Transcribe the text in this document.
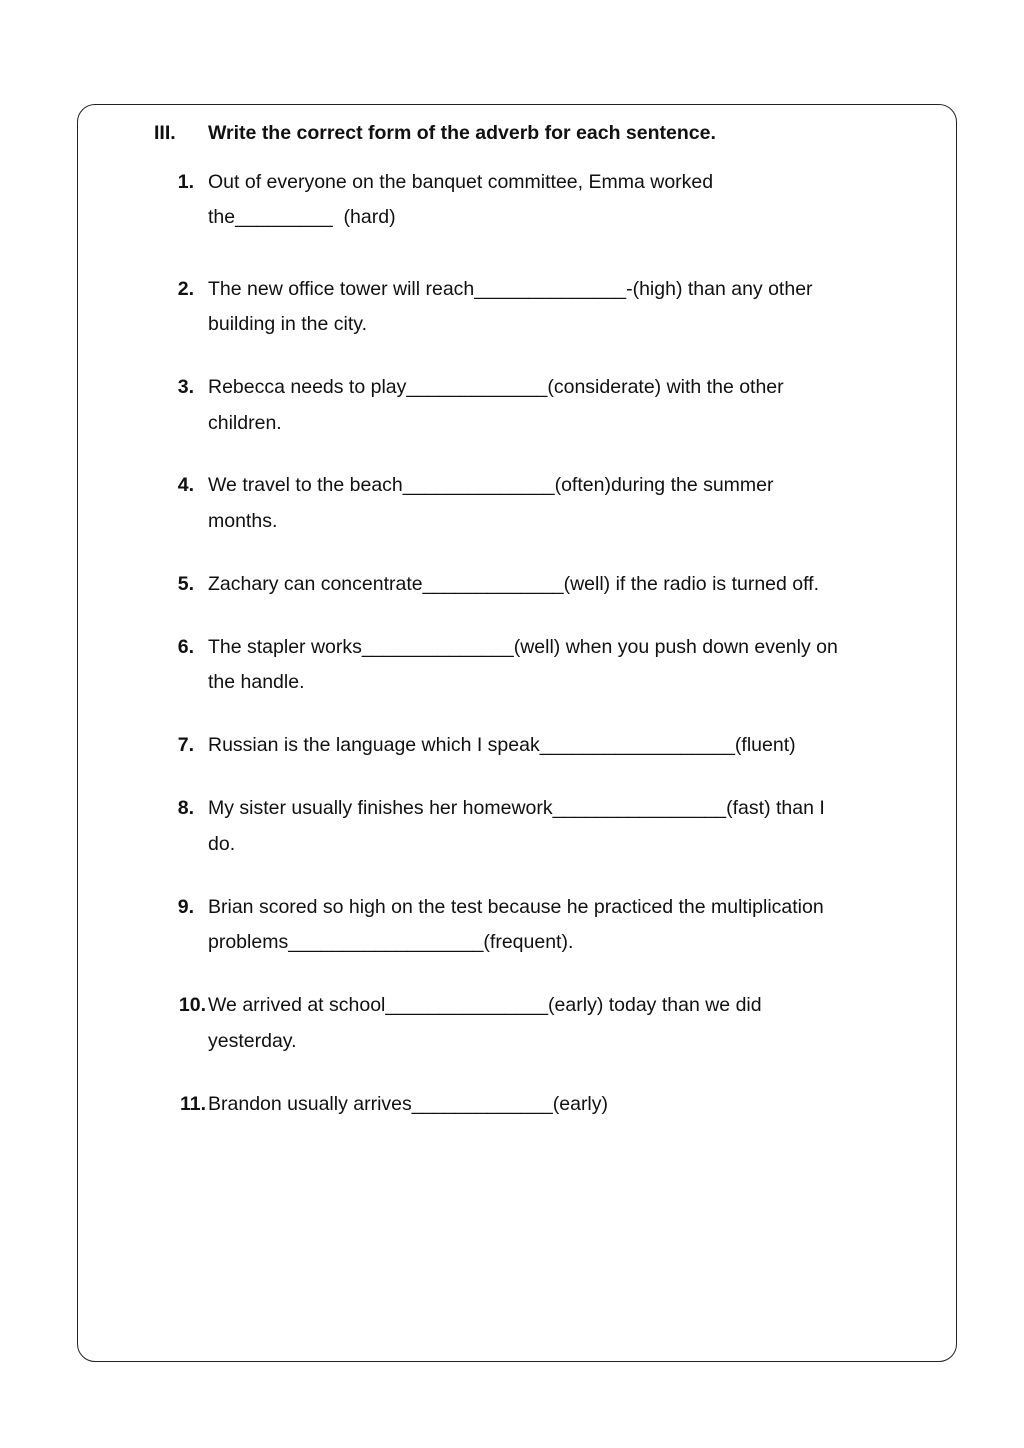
III. Write the correct form of the adverb for each sentence.
1. Out of everyone on the banquet committee, Emma worked
the_________  (hard)
2. The new office tower will reach______________-(high) than any other
building in the city.
3. Rebecca needs to play_____________(considerate) with the other
children.
4. We travel to the beach______________(often)during the summer
months.
5. Zachary can concentrate_____________(well) if the radio is turned off.
6. The stapler works______________(well) when you push down evenly on
the handle.
7. Russian is the language which I speak__________________(fluent)
8. My sister usually finishes her homework________________(fast) than I
do.
9. Brian scored so high on the test because he practiced the multiplication
problems__________________(frequent).
10. We arrived at school_______________(early) today than we did
yesterday.
11. Brandon usually arrives_____________(early)
